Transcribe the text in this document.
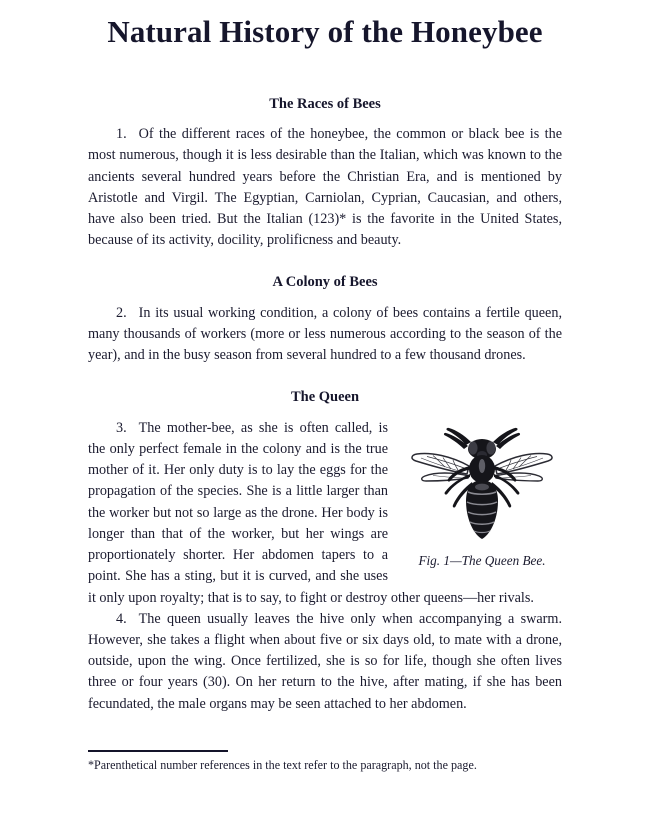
Natural History of the Honeybee
The Races of Bees

1. Of the different races of the honeybee, the common or black bee is the most numerous, though it is less desirable than the Italian, which was known to the ancients several hundred years before the Christian Era, and is mentioned by Aristotle and Virgil. The Egyptian, Carniolan, Cyprian, Caucasian, and others, have also been tried. But the Italian (123)* is the favorite in the United States, because of its activity, docility, prolificness and beauty.

A Colony of Bees

2. In its usual working condition, a colony of bees contains a fertile queen, many thousands of workers (more or less numerous according to the season of the year), and in the busy season from several hundred to a few thousand drones.

The Queen
Fig. 1—The Queen Bee.

3. The mother-bee, as she is often called, is the only perfect female in the colony and is the true mother of it. Her only duty is to lay the eggs for the propagation of the species. She is a little larger than the worker but not so large as the drone. Her body is longer than that of the worker, but her wings are proportionately shorter. Her abdomen tapers to a point. She has a sting, but it is curved, and she uses it only upon royalty; that is to say, to fight or destroy other queens—her rivals.

4. The queen usually leaves the hive only when accompanying a swarm. However, she takes a flight when about five or six days old, to mate with a drone, outside, upon the wing. Once fertilized, she is so for life, though she often lives three or four years (30). On her return to the hive, after mating, if she has been fecundated, the male organs may be seen attached to her abdomen.

*Parenthetical number references in the text refer to the paragraph, not the page.
